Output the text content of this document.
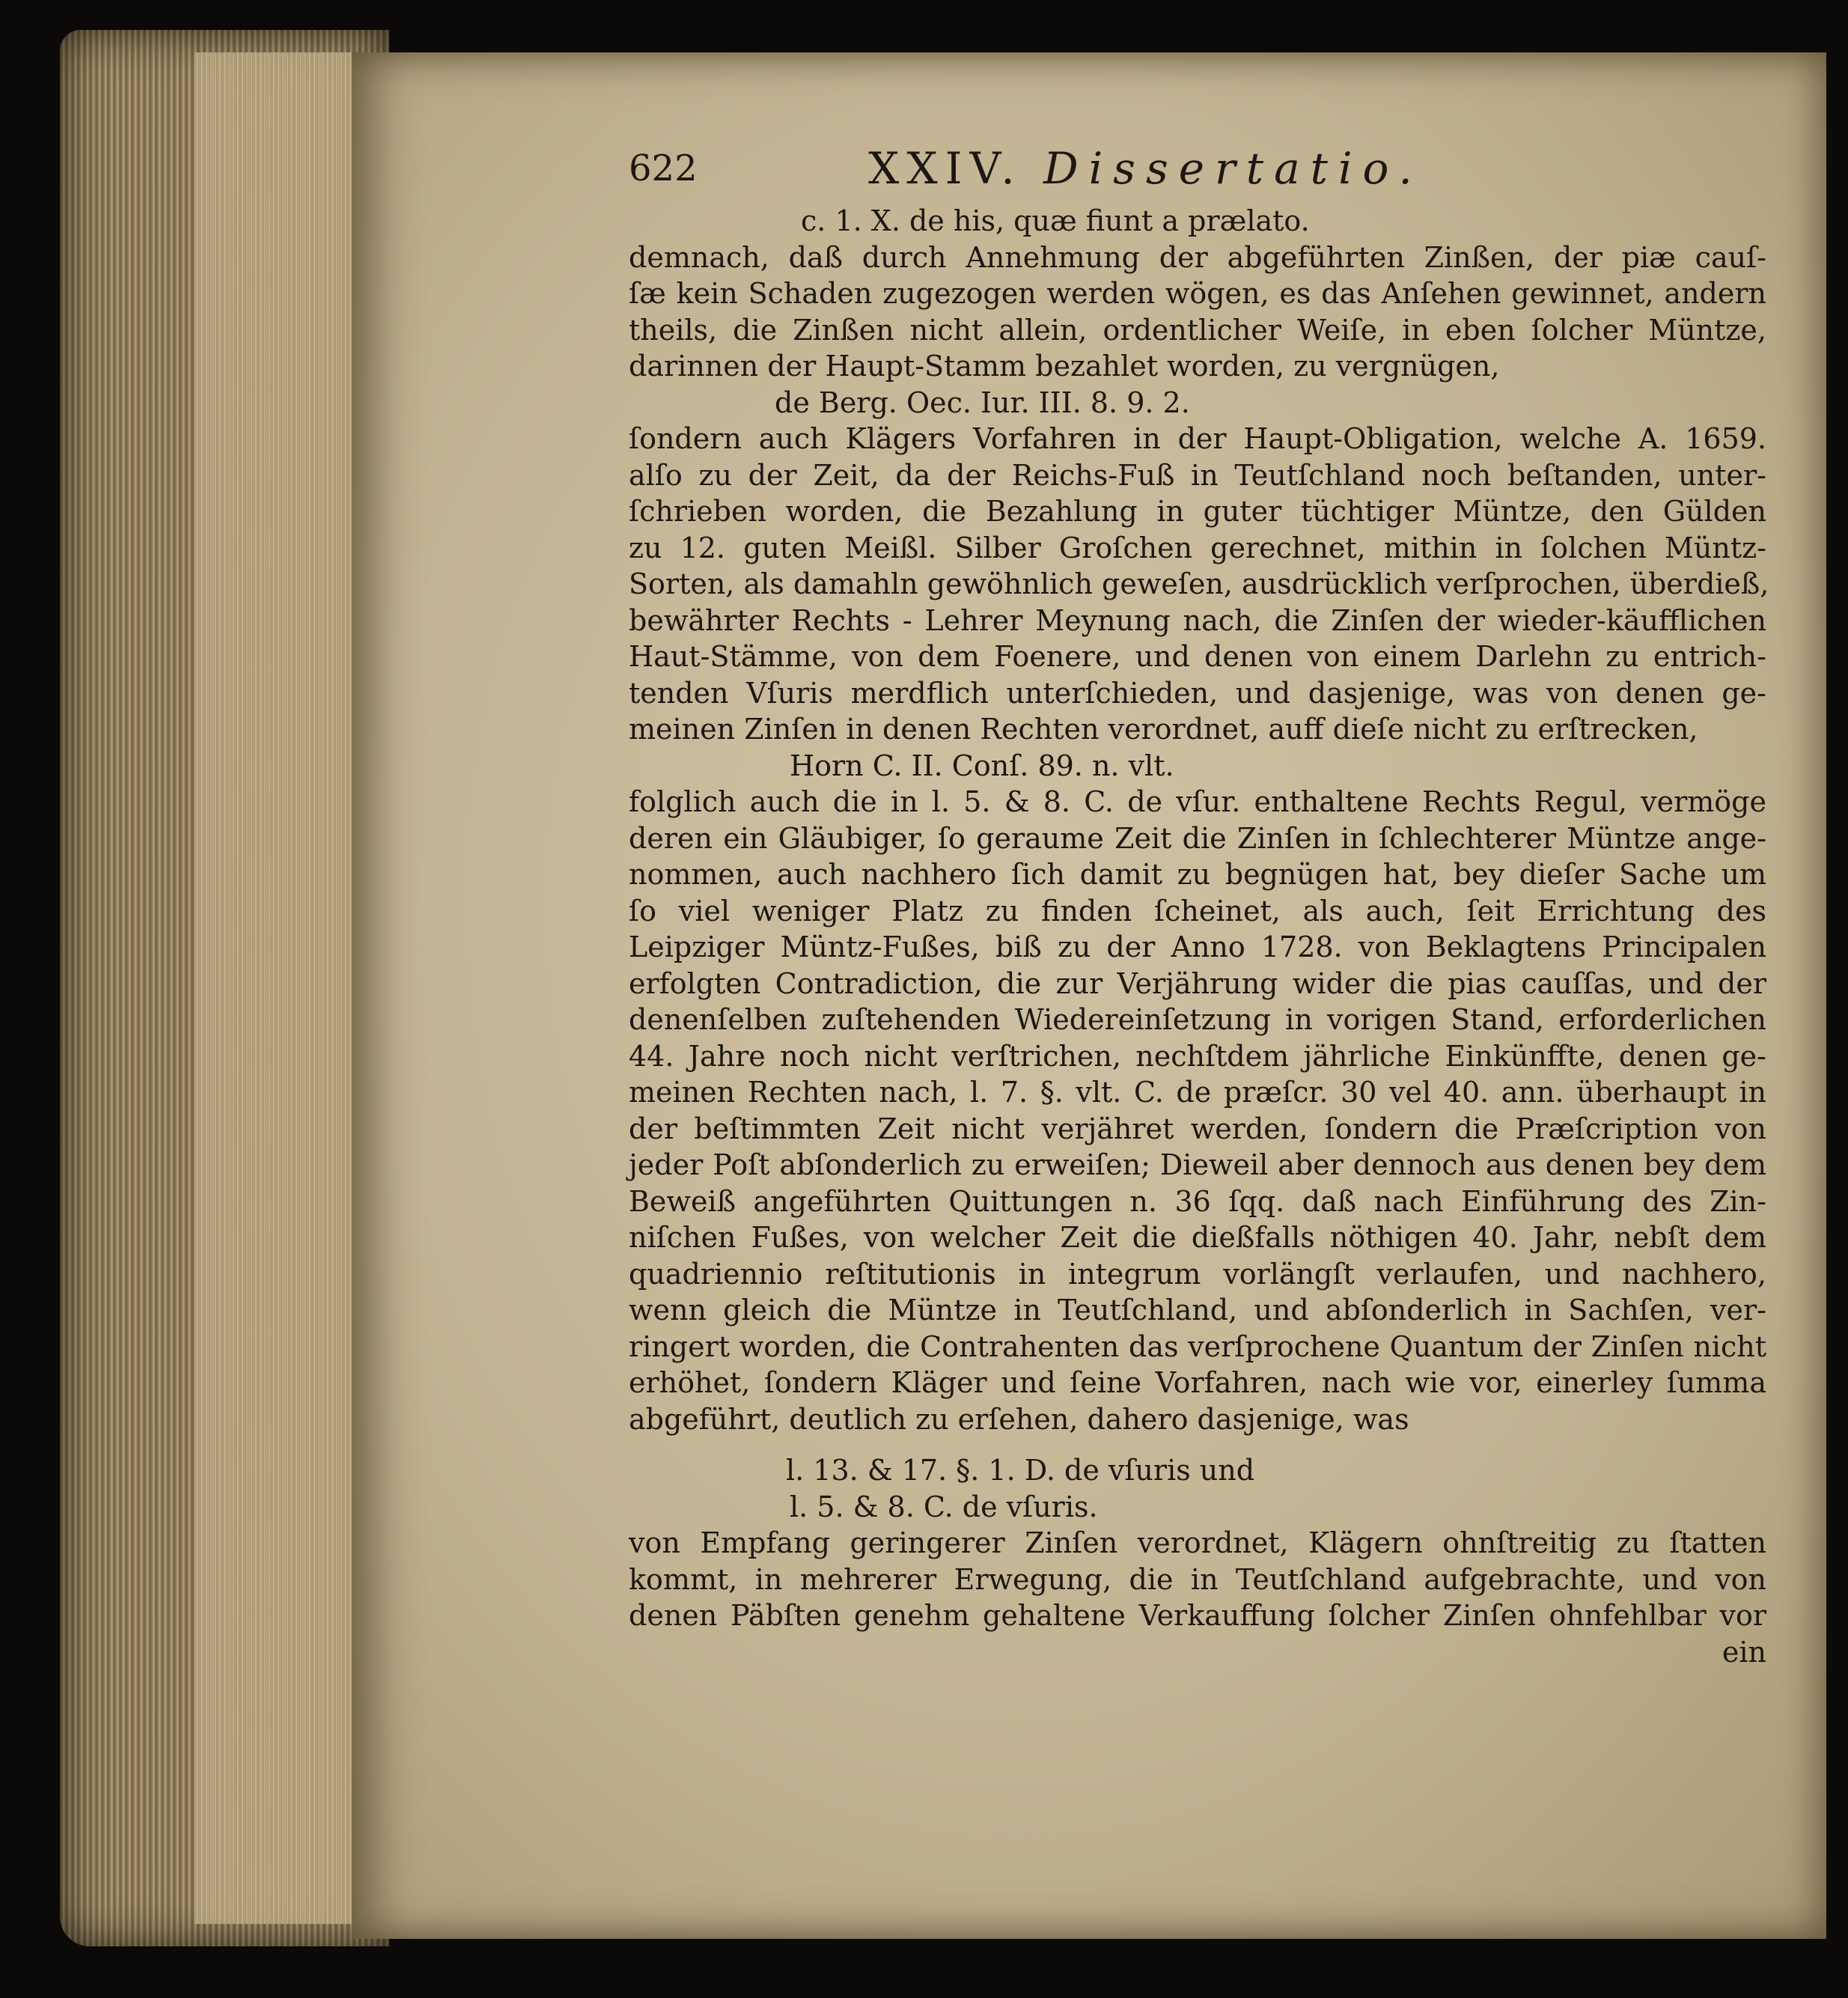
622	XXIV. Dissertatio.
c. 1. X. de his, quæ fiunt a prælato.
demnach, daß durch Annehmung der abgeführten Zinßen, der piæ cauſ-
ſæ kein Schaden zugezogen werden wögen, es das Anſehen gewinnet, andern
theils, die Zinßen nicht allein, ordentlicher Weiſe, in eben ſolcher Müntze,
darinnen der Haupt-Stamm bezahlet worden, zu vergnügen,
de Berg. Oec. Iur. III. 8. 9. 2.
ſondern auch Klägers Vorfahren in der Haupt-Obligation, welche A. 1659.
alſo zu der Zeit, da der Reichs-Fuß in Teutſchland noch beſtanden, unter-
ſchrieben worden, die Bezahlung in guter tüchtiger Müntze, den Gülden
zu 12. guten Meißl. Silber Groſchen gerechnet, mithin in ſolchen Müntz-
Sorten, als damahln gewöhnlich geweſen, ausdrücklich verſprochen, überdieß,
bewährter Rechts - Lehrer Meynung nach, die Zinſen der wieder-käufflichen
Haut-Stämme, von dem Foenere, und denen von einem Darlehn zu entrich-
tenden Vſuris merdflich unterſchieden, und dasjenige, was von denen ge-
meinen Zinſen in denen Rechten verordnet, auff dieſe nicht zu erſtrecken,
Horn C. II. Conſ. 89. n. vlt.
folglich auch die in l. 5. & 8. C. de vſur. enthaltene Rechts Regul, vermöge
deren ein Gläubiger, ſo geraume Zeit die Zinſen in ſchlechterer Müntze ange-
nommen, auch nachhero ſich damit zu begnügen hat, bey dieſer Sache um
ſo viel weniger Platz zu finden ſcheinet, als auch, ſeit Errichtung des
Leipziger Müntz-Fußes, biß zu der Anno 1728. von Beklagtens Principalen
erfolgten Contradiction, die zur Verjährung wider die pias cauſſas, und der
denenſelben zuſtehenden Wiedereinſetzung in vorigen Stand, erforderlichen
44. Jahre noch nicht verſtrichen, nechſtdem jährliche Einkünffte, denen ge-
meinen Rechten nach, l. 7. §. vlt. C. de præſcr. 30 vel 40. ann. überhaupt in
der beſtimmten Zeit nicht verjähret werden, ſondern die Præſcription von
jeder Poſt abſonderlich zu erweiſen; Dieweil aber dennoch aus denen bey dem
Beweiß angeführten Quittungen n. 36 ſqq. daß nach Einführung des Zin-
niſchen Fußes, von welcher Zeit die dießfalls nöthigen 40. Jahr, nebſt dem
quadriennio reſtitutionis in integrum vorlängſt verlaufen, und nachhero,
wenn gleich die Müntze in Teutſchland, und abſonderlich in Sachſen, ver-
ringert worden, die Contrahenten das verſprochene Quantum der Zinſen nicht
erhöhet, ſondern Kläger und ſeine Vorfahren, nach wie vor, einerley ſumma
abgeführt, deutlich zu erſehen, dahero dasjenige, was
l. 13. & 17. §. 1. D. de vſuris und
l. 5. & 8. C. de vſuris.
von Empfang geringerer Zinſen verordnet, Klägern ohnſtreitig zu ſtatten
kommt, in mehrerer Erwegung, die in Teutſchland aufgebrachte, und von
denen Päbſten genehm gehaltene Verkauffung ſolcher Zinſen ohnfehlbar vor
ein
